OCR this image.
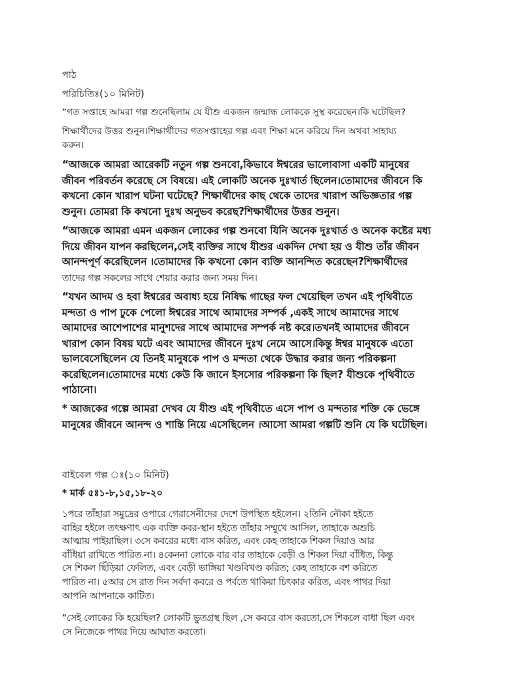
পাঠ
পরিচিতিঃ(১০ মিনিট)
“গত সপ্তাহে আমরা গল্প শুনেছিলাম যে যীশু একজন জন্মান্ধ লোককে সুস্থ করেছেন।কি ঘটেছিল?
শিক্ষার্থীদের উত্তর শুনুন।শিক্ষার্থীদের গতসপ্তাহের গল্প এবং শিক্ষা মনে করিয়ে দিন অথবা সাহায্য
করুন।
“আজকে আমরা আরেকটি নতুন গল্প শুনবো,কিভাবে ঈশ্বরের ভালোবাসা একটি মানুষের
জীবন পরিবর্তন করেছে সে বিষয়ে। এই লোকটি অনেক দুঃখার্ত ছিলেন।তোমাদের জীবনে কি
কখনো কোন খারাপ ঘটনা ঘটেছে? শিক্ষার্থীদের কাছ থেকে তাদের খারাপ অভিজ্ঞতার গল্প
শুনুন। তোমরা কি কখনো দুঃখ অনুভব করেছ?শিক্ষার্থীদের উত্তর শুনুন।
“আজকে আমরা এমন একজন লোকের গল্প শুনবো যিনি অনেক দুঃখার্ত ও অনেক কষ্টের মধ্য
দিয়ে জীবন যাপন করছিলেন,সেই ব্যক্তির সাথে যীশুর একদিন দেখা হয় ও যীশু তাঁর জীবন
আনন্দপূর্ণ করেছিলেন ।তোমাদের কি কখনো কোন ব্যক্তি আনন্দিত করেছেন?শিক্ষার্থীদের
তাদের গল্প সকলের সাথে শেয়ার করার জন্য সময় দিন।
“যখন আদম ও হবা ঈশ্বরের অবাধ্য হয়ে নিষিদ্ধ গাছের ফল খেয়েছিল তখন এই পৃথিবীতে
মন্দতা ও পাপ ঢুকে পেলো ঈশ্বরের সাথে আমাদের সম্পর্ক ,একই সাথে আমাদের সাথে
আমাদের আশেপাশের মানুশদের সাথে আমাদের সম্পর্ক নষ্ট করে।তখনই আমাদের জীবনে
খারাপ কোন বিষয় ঘটে এবং আমাদের জীবনে দুঃখ নেমে আসে।কিন্তু ঈশ্বর মানুষকে এতো
ভালবেসেছিলেন যে তিনই মানুষকে পাপ ও মন্দতা থেকে উদ্ধার করার জন্য পরিকল্পনা
করেছিলেন।তোমাদের মধ্যে কেউ কি জানে ইসসাের পরিকল্পনা কি ছিল? যীশুকে পৃথিবীতে
পাঠানো।
* আজকের গল্পে আমরা দেখব যে যীশু এই পৃথিবীতে এসে পাপ ও মন্দতার শক্তি কে ভেঙ্গে
মানুষের জীবনে আনন্দ ও শান্তি নিয়ে এসেছিলেন ।আসো আমরা গল্পটি শুনি যে কি ঘটেছিল।
বাইবেল গল্প ঃ(১০ মিনিট)
* মার্ক ৫ঃ১-৮,১৫,১৮-২০
১পরে তাঁহারা সমুদ্রের ওপারে গেরাসেনীদের দেশে উপস্থিত হইলেন। ২তিনি নৌকা হইতে
বাহির হইলে তৎক্ষণাৎ এক ব্যক্তি কবর-স্থান হইতে তাঁহার সম্মুখে আসিল, তাহাকে অশুচি
আত্মায় পাইয়াছিল। ৩সে কবরের মধ্যে বাস করিত, এবং কেহ তাহাকে শিকল দিয়াও আর
বাঁধিয়া রাখিতে পারিত না। ৪কেননা লোকে বার বার তাহাকে বেড়ী ও শিকল দিয়া বাঁধিত, কিন্তু
সে শিকল ছিঁড়িয়া ফেলিত, এবং বেড়ী ভাঙ্গিয়া খণ্ডবিখণ্ড করিত; কেহ তাহাকে বশ করিতে
পারিত না। ৫আর সে রাত দিন সর্বদা কবরে ও পর্বতে থাকিয়া চিৎকার করিত, এবং পাথর দিয়া
আপনি আপনাকে কাটিত।
“সেই লোকের কি হয়েছিল? লোকটি ভুতগ্রস্থ ছিল ,সে কবরে বাস করতো,সে শিকলে বাধা ছিল এবং
সে নিজেকে পাথর দিয়ে আঘাত করতো।
